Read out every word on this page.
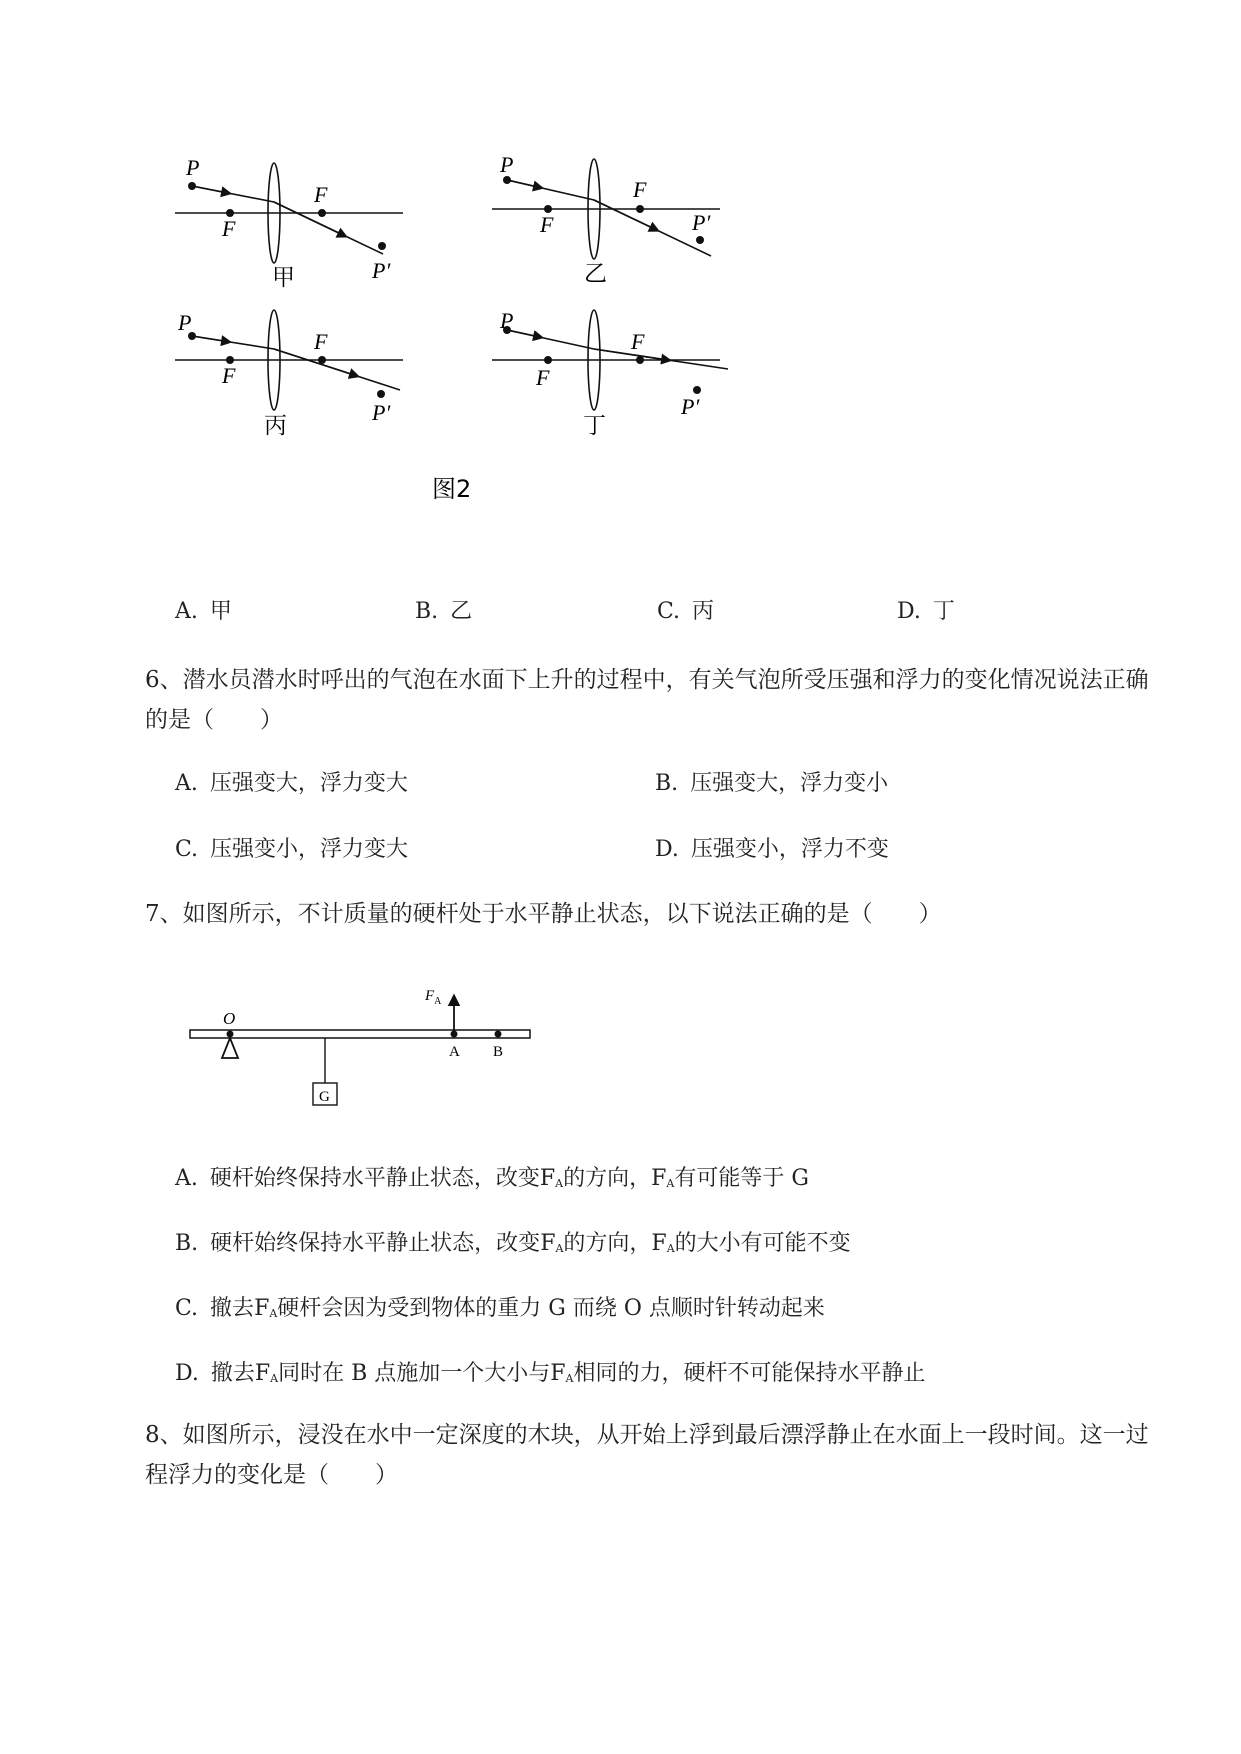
P
F
F
P′
甲
P
F
F
P′
乙
P
F
F
P′
丙
P
F
F
P′
丁
图2
A. 甲	B. 乙	C. 丙	D. 丁
6、潜水员潜水时呼出的气泡在水面下上升的过程中，有关气泡所受压强和浮力的变化情况说法正确的是（　　）
A. 压强变大，浮力变大	B. 压强变大，浮力变小
C. 压强变小，浮力变大	D. 压强变小，浮力不变
7、如图所示，不计质量的硬杆处于水平静止状态，以下说法正确的是（　　）
O
G
$F_A$
A B
A. 硬杆始终保持水平静止状态，改变$F_A$的方向，$F_A$有可能等于 G
B. 硬杆始终保持水平静止状态，改变$F_A$的方向，$F_A$的大小有可能不变
C. 撤去$F_A$硬杆会因为受到物体的重力 G 而绕 O 点顺时针转动起来
D. 撤去$F_A$同时在 B 点施加一个大小与$F_A$相同的力，硬杆不可能保持水平静止
8、如图所示，浸没在水中一定深度的木块，从开始上浮到最后漂浮静止在水面上一段时间。这一过程浮力的变化是（　　）
